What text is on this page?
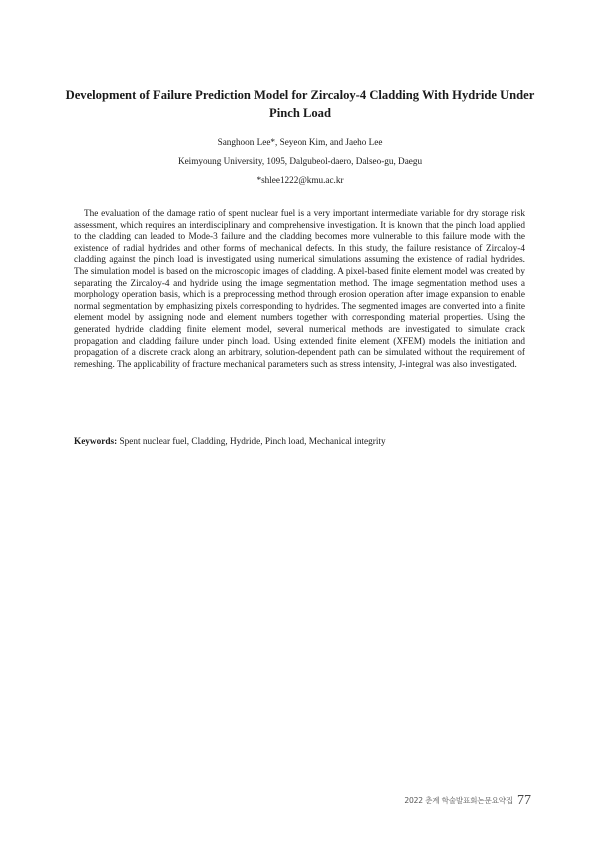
Development of Failure Prediction Model for Zircaloy-4 Cladding With Hydride Under Pinch Load

Sanghoon Lee*, Seyeon Kim, and Jaeho Lee

Keimyoung University, 1095, Dalgubeol-daero, Dalseo-gu, Daegu

*shlee1222@kmu.ac.kr

The evaluation of the damage ratio of spent nuclear fuel is a very important intermediate variable for dry storage risk assessment, which requires an interdisciplinary and comprehensive investigation. It is known that the pinch load applied to the cladding can leaded to Mode-3 failure and the cladding becomes more vulnerable to this failure mode with the existence of radial hydrides and other forms of mechanical defects. In this study, the failure resistance of Zircaloy-4 cladding against the pinch load is investigated using numerical simulations assuming the existence of radial hydrides. The simulation model is based on the microscopic images of cladding. A pixel-based finite element model was created by separating the Zircaloy-4 and hydride using the image segmentation method. The image segmentation method uses a morphology operation basis, which is a preprocessing method through erosion operation after image expansion to enable normal segmentation by emphasizing pixels corresponding to hydrides. The segmented images are converted into a finite element model by assigning node and element numbers together with corresponding material properties. Using the generated hydride cladding finite element model, several numerical methods are investigated to simulate crack propagation and cladding failure under pinch load. Using extended finite element (XFEM) models the initiation and propagation of a discrete crack along an arbitrary, solution-dependent path can be simulated without the requirement of remeshing. The applicability of fracture mechanical parameters such as stress intensity, J-integral was also investigated.

Keywords: Spent nuclear fuel, Cladding, Hydride, Pinch load, Mechanical integrity

2022 춘계 학술발표회논문요약집 77
